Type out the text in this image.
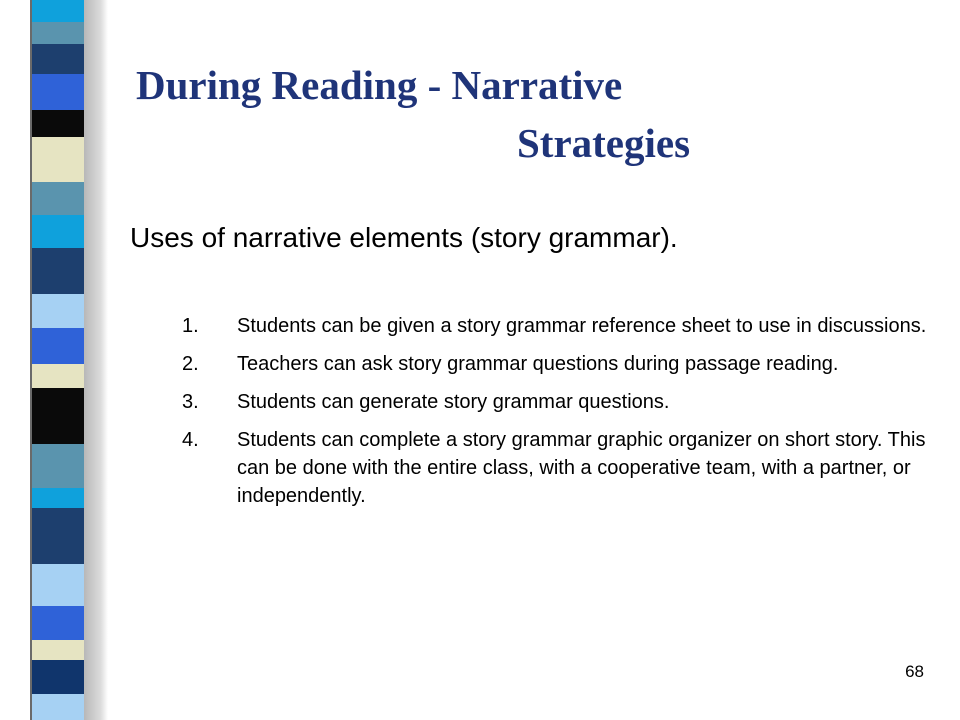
During Reading - Narrative
Strategies

Uses of narrative elements (story grammar).

1.	Students can be given a story grammar reference sheet to use in discussions.
2.	Teachers can ask story grammar questions during passage reading.
3.	Students can generate story grammar questions.
4.	Students can complete a story grammar graphic organizer on short story. This can be done with the entire class, with a cooperative team, with a partner, or independently.
68
